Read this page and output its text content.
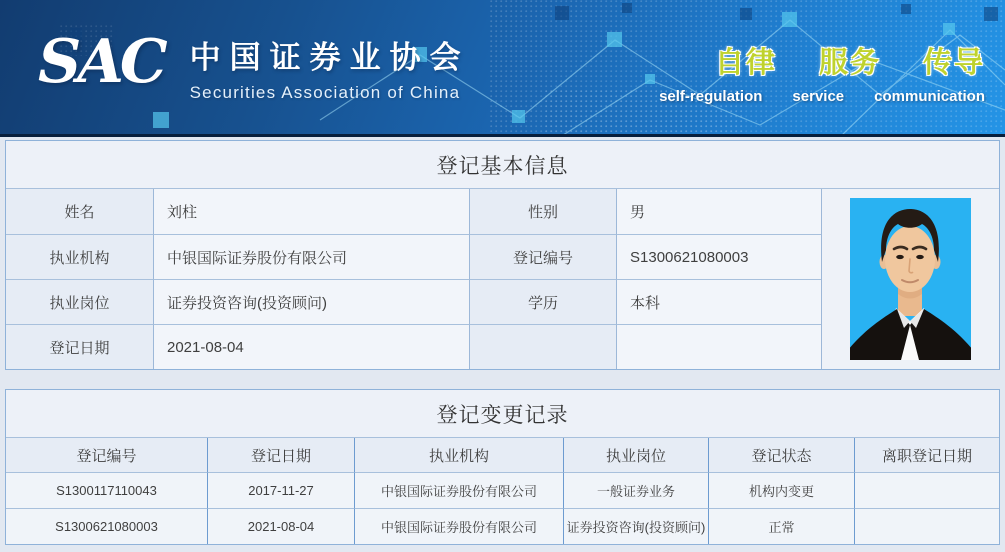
SAC 中国证券业协会
Securities Association of China
自律 服务 传导
self-regulation service communication
登记基本信息
姓名	刘柱	性别	男
执业机构	中银国际证券股份有限公司	登记编号	S1300621080003
执业岗位	证券投资咨询(投资顾问)	学历	本科
登记日期	2021-08-04
登记变更记录
登记编号	登记日期	执业机构	执业岗位	登记状态	离职登记日期
S1300117110043	2017-11-27	中银国际证券股份有限公司	一般证券业务	机构内变更
S1300621080003	2021-08-04	中银国际证券股份有限公司	证券投资咨询(投资顾问)	正常
